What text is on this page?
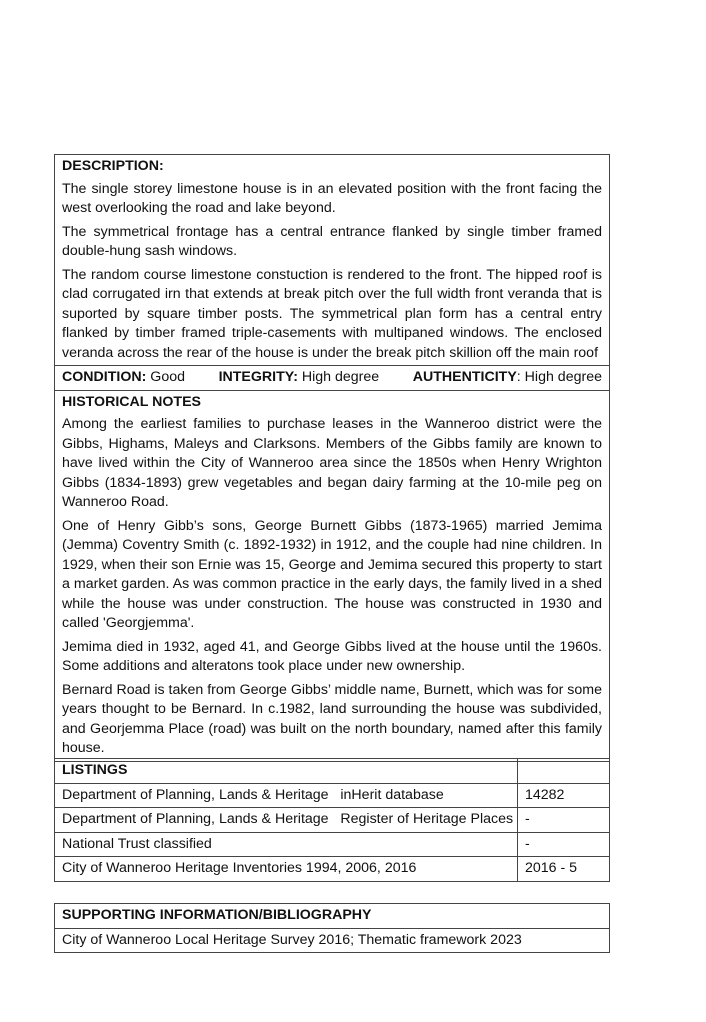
DESCRIPTION:

The single storey limestone house is in an elevated position with the front facing the west overlooking the road and lake beyond.

The symmetrical frontage has a central entrance flanked by single timber framed double-hung sash windows.

The random course limestone constuction is rendered to the front. The hipped roof is clad corrugated irn that extends at break pitch over the full width front veranda that is suported by square timber posts. The symmetrical plan form has a central entry flanked by timber framed triple-casements with multipaned windows. The enclosed veranda across the rear of the house is under the break pitch skillion off the main roof

CONDITION: Good INTEGRITY: High degree AUTHENTICITY: High degree
HISTORICAL NOTES

Among the earliest families to purchase leases in the Wanneroo district were the Gibbs, Highams, Maleys and Clarksons. Members of the Gibbs family are known to have lived within the City of Wanneroo area since the 1850s when Henry Wrighton Gibbs (1834-1893) grew vegetables and began dairy farming at the 10-mile peg on Wanneroo Road.

One of Henry Gibb’s sons, George Burnett Gibbs (1873-1965) married Jemima (Jemma) Coventry Smith (c. 1892-1932) in 1912, and the couple had nine children. In 1929, when their son Ernie was 15, George and Jemima secured this property to start a market garden. As was common practice in the early days, the family lived in a shed while the house was under construction. The house was constructed in 1930 and called 'Georgjemma'.

Jemima died in 1932, aged 41, and George Gibbs lived at the house until the 1960s. Some additions and alteratons took place under new ownership.

Bernard Road is taken from George Gibbs’ middle name, Burnett, which was for some years thought to be Bernard. In c.1982, land surrounding the house was subdivided, and Georjemma Place (road) was built on the north boundary, named after this family house.

LISTINGS

Department of Planning, Lands & Heritage   inHerit database	14282
Department of Planning, Lands & Heritage   Register of Heritage Places -
National Trust classified	-
City of Wanneroo Heritage Inventories 1994, 2006, 2016	2016 - 5
SUPPORTING INFORMATION/BIBLIOGRAPHY
City of Wanneroo Local Heritage Survey 2016; Thematic framework 2023
